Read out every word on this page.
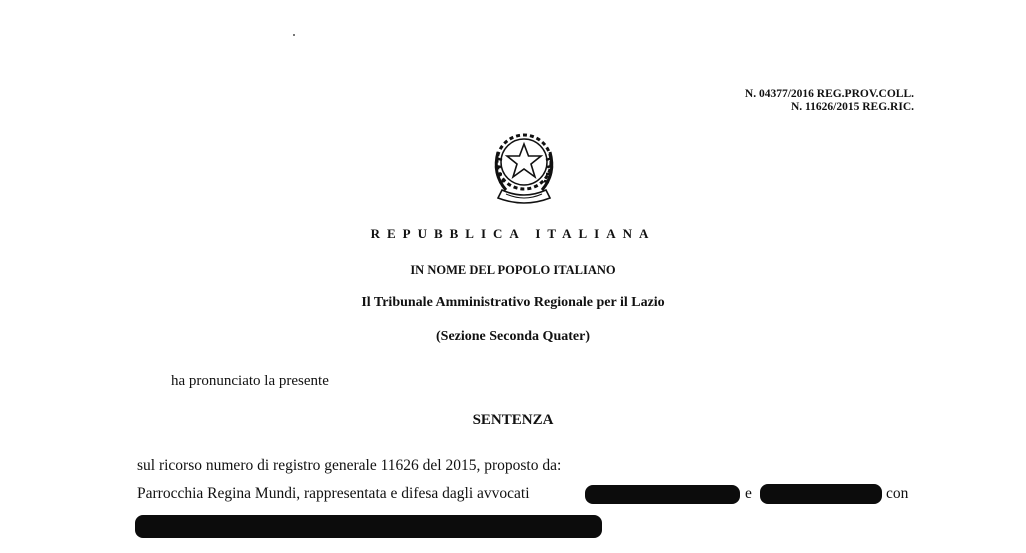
N. 04377/2016 REG.PROV.COLL.
N. 11626/2015 REG.RIC.
REPUBBLICA ITALIANA
IN NOME DEL POPOLO ITALIANO
Il Tribunale Amministrativo Regionale per il Lazio
(Sezione Seconda Quater)
ha pronunciato la presente
SENTENZA
sul ricorso numero di registro generale 11626 del 2015, proposto da:
Parrocchia Regina Mundi, rappresentata e difesa dagli avvocati	e	con
